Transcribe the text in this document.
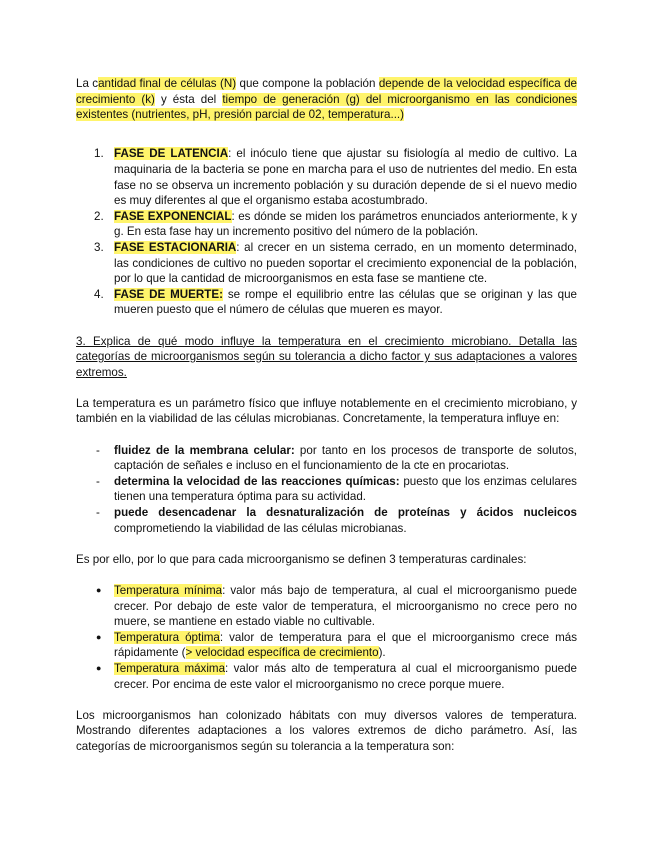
La cantidad final de células (N) que compone la población depende de la velocidad específica de crecimiento (k) y ésta del tiempo de generación (g) del microorganismo en las condiciones existentes (nutrientes, pH, presión parcial de 02, temperatura...)

1. FASE DE LATENCIA: el inóculo tiene que ajustar su fisiología al medio de cultivo. La maquinaria de la bacteria se pone en marcha para el uso de nutrientes del medio. En esta fase no se observa un incremento población y su duración depende de si el nuevo medio es muy diferentes al que el organismo estaba acostumbrado.
2. FASE EXPONENCIAL: es dónde se miden los parámetros enunciados anteriormente, k y g. En esta fase hay un incremento positivo del número de la población.
3. FASE ESTACIONARIA: al crecer en un sistema cerrado, en un momento determinado, las condiciones de cultivo no pueden soportar el crecimiento exponencial de la población, por lo que la cantidad de microorganismos en esta fase se mantiene cte.
4. FASE DE MUERTE: se rompe el equilibrio entre las células que se originan y las que mueren puesto que el número de células que mueren es mayor.

3. Explica de qué modo influye la temperatura en el crecimiento microbiano. Detalla las categorías de microorganismos según su tolerancia a dicho factor y sus adaptaciones a valores extremos.

La temperatura es un parámetro físico que influye notablemente en el crecimiento microbiano, y también en la viabilidad de las células microbianas. Concretamente, la temperatura influye en:

- fluidez de la membrana celular: por tanto en los procesos de transporte de solutos, captación de señales e incluso en el funcionamiento de la cte en procariotas.
- determina la velocidad de las reacciones químicas: puesto que los enzimas celulares tienen una temperatura óptima para su actividad.
- puede desencadenar la desnaturalización de proteínas y ácidos nucleicos comprometiendo la viabilidad de las células microbianas.

Es por ello, por lo que para cada microorganismo se definen 3 temperaturas cardinales:

● Temperatura mínima: valor más bajo de temperatura, al cual el microorganismo puede crecer. Por debajo de este valor de temperatura, el microorganismo no crece pero no muere, se mantiene en estado viable no cultivable.
● Temperatura óptima: valor de temperatura para el que el microorganismo crece más rápidamente (> velocidad específica de crecimiento).
● Temperatura máxima: valor más alto de temperatura al cual el microorganismo puede crecer. Por encima de este valor el microorganismo no crece porque muere.

Los microorganismos han colonizado hábitats con muy diversos valores de temperatura. Mostrando diferentes adaptaciones a los valores extremos de dicho parámetro. Así, las categorías de microorganismos según su tolerancia a la temperatura son:
